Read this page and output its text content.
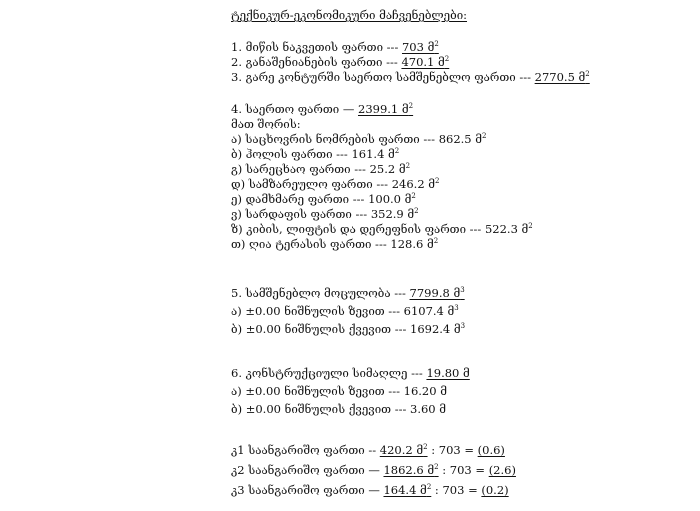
ტექნიკურ-ეკონომიკური მაჩვენებლები:
1. მიწის ნაკვეთის ფართი --- 703 მ$^2$
2. განაშენიანების ფართი --- 470.1 მ$^2$
3. გარე კონტურში საერთო სამშენებლო ფართი --- 2770.5 მ$^2$
4. საერთო ფართი — 2399.1 მ$^2$
მათ შორის:
ა) საცხოვრის ნომრების ფართი --- 862.5 მ$^2$
ბ) ჰოლის ფართი --- 161.4 მ$^2$
გ) სარეცხაო ფართი --- 25.2 მ$^2$
დ) სამზარეულო ფართი --- 246.2 მ$^2$
ე) დამხმარე ფართი --- 100.0 მ$^2$
ვ) სარდაფის ფართი --- 352.9 მ$^2$
ზ) კიბის, ლიფტის და დერეფნის ფართი --- 522.3 მ$^2$
თ) ღია ტერასის ფართი --- 128.6 მ$^2$
5. სამშენებლო მოცულობა --- 7799.8 მ$^3$
ა) ±0.00 ნიშნულის ზევით --- 6107.4 მ$^3$
ბ) ±0.00 ნიშნულის ქვევით --- 1692.4 მ$^3$
6. კონსტრუქციული სიმაღლე --- 19.80 მ
ა) ±0.00 ნიშნულის ზევით --- 16.20 მ
ბ) ±0.00 ნიშნულის ქვევით --- 3.60 მ
კ1 საანგარიშო ფართი -- 420.2 მ$^2$ : 703 = (0.6)
კ2 საანგარიშო ფართი — 1862.6 მ$^2$ : 703 = (2.6)
კ3 საანგარიშო ფართი — 164.4 მ$^2$ : 703 = (0.2)
